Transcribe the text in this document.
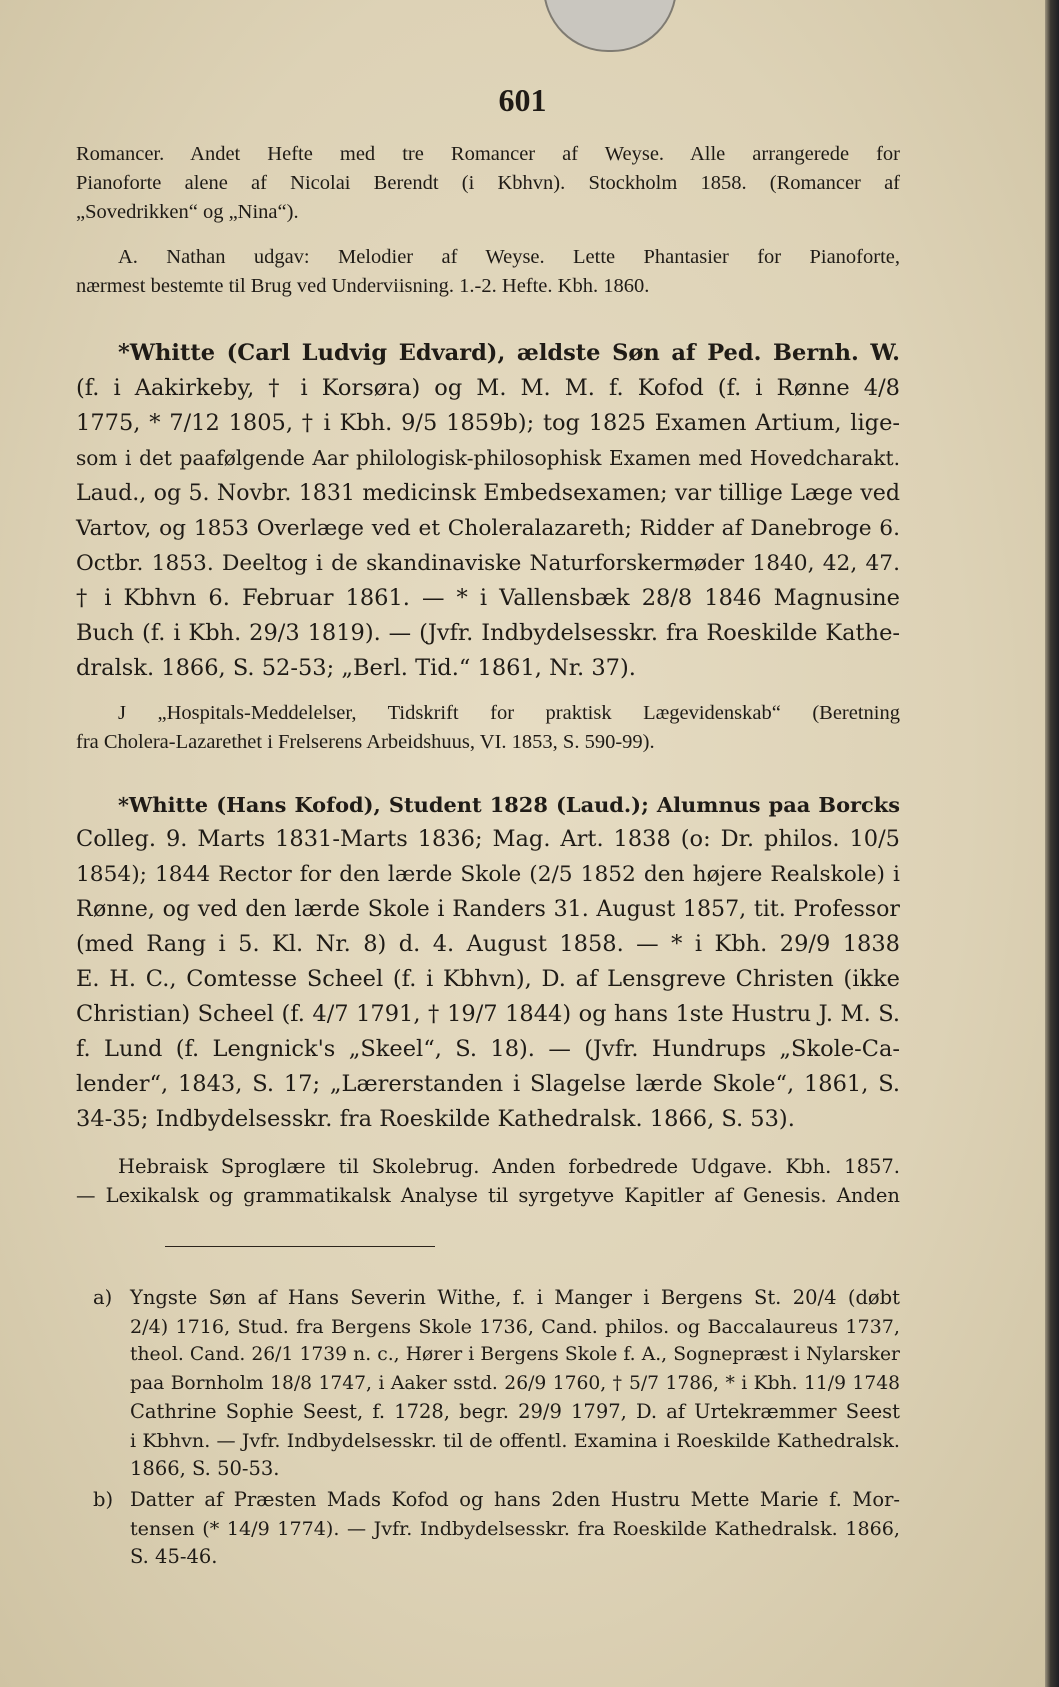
601
Romancer. Andet Hefte med tre Romancer af Weyse. Alle arrangerede for
Pianoforte alene af Nicolai Berendt (i Kbhvn). Stockholm 1858. (Romancer af
„Sovedrikken“ og „Nina“).
A. Nathan udgav: Melodier af Weyse. Lette Phantasier for Pianoforte,
nærmest bestemte til Brug ved Underviisning. 1.-2. Hefte. Kbh. 1860.
*Whitte (Carl Ludvig Edvard), ældste Søn af Ped. Bernh. W.
(f. i Aakirkeby, † i Korsøra) og M. M. M. f. Kofod (f. i Rønne 4/8
1775, * 7/12 1805, † i Kbh. 9/5 1859b); tog 1825 Examen Artium, lige-
som i det paafølgende Aar philologisk-philosophisk Examen med Hovedcharakt.
Laud., og 5. Novbr. 1831 medicinsk Embedsexamen; var tillige Læge ved
Vartov, og 1853 Overlæge ved et Choleralazareth; Ridder af Danebroge 6.
Octbr. 1853. Deeltog i de skandinaviske Naturforskermøder 1840, 42, 47.
† i Kbhvn 6. Februar 1861. — * i Vallensbæk 28/8 1846 Magnusine
Buch (f. i Kbh. 29/3 1819). — (Jvfr. Indbydelsesskr. fra Roeskilde Kathe-
dralsk. 1866, S. 52-53; „Berl. Tid.“ 1861, Nr. 37).
J „Hospitals-Meddelelser, Tidskrift for praktisk Lægevidenskab“ (Beretning
fra Cholera-Lazarethet i Frelserens Arbeidshuus, VI. 1853, S. 590-99).
*Whitte (Hans Kofod), Student 1828 (Laud.); Alumnus paa Borcks
Colleg. 9. Marts 1831-Marts 1836; Mag. Art. 1838 (o: Dr. philos. 10/5
1854); 1844 Rector for den lærde Skole (2/5 1852 den højere Realskole) i
Rønne, og ved den lærde Skole i Randers 31. August 1857, tit. Professor
(med Rang i 5. Kl. Nr. 8) d. 4. August 1858. — * i Kbh. 29/9 1838
E. H. C., Comtesse Scheel (f. i Kbhvn), D. af Lensgreve Christen (ikke
Christian) Scheel (f. 4/7 1791, † 19/7 1844) og hans 1ste Hustru J. M. S.
f. Lund (f. Lengnick's „Skeel“, S. 18). — (Jvfr. Hundrups „Skole-Ca-
lender“, 1843, S. 17; „Lærerstanden i Slagelse lærde Skole“, 1861, S.
34-35; Indbydelsesskr. fra Roeskilde Kathedralsk. 1866, S. 53).
Hebraisk Sproglære til Skolebrug. Anden forbedrede Udgave. Kbh. 1857.
— Lexikalsk og grammatikalsk Analyse til syrgetyve Kapitler af Genesis. Anden
a) Yngste Søn af Hans Severin Withe, f. i Manger i Bergens St. 20/4 (døbt
2/4) 1716, Stud. fra Bergens Skole 1736, Cand. philos. og Baccalaureus 1737,
theol. Cand. 26/1 1739 n. c., Hører i Bergens Skole f. A., Sognepræst i Nylarsker
paa Bornholm 18/8 1747, i Aaker sstd. 26/9 1760, † 5/7 1786, * i Kbh. 11/9 1748
Cathrine Sophie Seest, f. 1728, begr. 29/9 1797, D. af Urtekræmmer Seest
i Kbhvn. — Jvfr. Indbydelsesskr. til de offentl. Examina i Roeskilde Kathedralsk.
1866, S. 50-53.
b) Datter af Præsten Mads Kofod og hans 2den Hustru Mette Marie f. Mor-
tensen (* 14/9 1774). — Jvfr. Indbydelsesskr. fra Roeskilde Kathedralsk. 1866,
S. 45-46.
